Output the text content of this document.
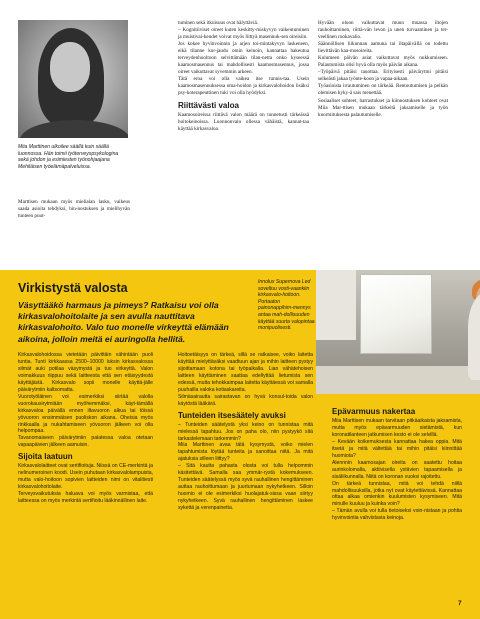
Miia Marttinen ulkoilee säällä kuin säällä luonnossa. Hän toimii työterveyspsykologina sekä johdon ja esimiesten työnohjaajana Mehiläisen työelämäpalveluissa.

Marttisen mukaan myös mielialan lasku, vaikeus saada asioita tehdyksi, hin-nostuksen ja mielihyvän tunteen puut-

tuminen sekä itkuisuus ovat hälyttäviä.

– Kognitiiviset oireet kuten keskitty-miskyvyn vaikeutuminen ja muistivai-keudet voivat myös liittyä masennuk-sen oireisiin.

Jos kokee hyvinvoinnin ja arjen toi-mintakyvyn laskeneen, eikä tilanne kor-jaudu omin keinoin, kannattaa hakeutua terveydenhuoltoon selvittämään tilan-netta onko kyseessä kaamosmasennus tai mahdollisesti kaamosmasennus, jossa oireet vaikuttavat syvemmin arkeen.

Tätä eroa voi olla vaikea itse tunnis-taa. Usein kaamosmasennuksessa oma-hoidon ja kirkasvalohoidon lisäksi psy-koterapeuttinen tuki voi olla hyödyksi.

Riittävästi valoa

Kaamosoireissa riittävä valon määrä on tunnetusti tärkeässä hoitokeinoissa. Luonnonvalo ollessa vähäistä, kannat-taa käyttää kirkasvaloa.

Hyvään oloon vaikuttavat muun muassa iltojen rauhoittaminen, riittä-vän levon ja unen turvaaminen ja ter-veellinen ruokavalio.

Säännöllisen liikunnan aamuna tai iltapäivällä on todettu lievittävän kaa-mosoireita.

Kulumeen päivän asiat vaikuttavat myös nukkumiseen. Palautumista olisi hyvä olla myös päivän aikana.

–Työpäivä pitäisi tauottaa. Erityisesti päivärytmi pitäisi selkeästi jakaa työnte-koon ja vapaa-aikaan.

Työasioista irrautuminen on tärkeää. Rentoutumisen ja pelkän olemisen kyky-ä sais menettää.

Sosiaaliset suhteet, harrastukset ja kiinnostuksen kohteet ovat Miia Mar-ttisen mukaan tärkeitä jaksamiselle ja työn kuormituksesta palautumiselle.

Virkistystä valosta
Väsyttääkö harmaus ja pimeys? Ratkaisu voi olla kirkasvalohoitolaite ja sen avulla nauttitava kirkasvalohoito. Valo tuo monelle virkeyttä elämään aikoina, jolloin meitä ei auringolla hellitä.
Innolux Supernova Led soveltuu vosti-vaankiin kirkasvalo-hoitoon. Portaaton painonappihim-mennys antaa mah-dollisuuden käyttää suurta valopintaa monipuolisesti.

Kirkasvalohoidossa vietetään päivittäin vähintään puoli tuntia. Tunti kirkkaassa 2500–10000 luksin kirkasvalossa silmät auki potilaa väsymystä ja tuo virkeyttä. Valon voimakkuus riippuu sekä laitteesta että sen etäisyydestä käyttäjästä. Kirkasvalo sopii monelle käyttä-jälle päivärytmiin kaltsomatta.

Vuorotyöläinen voi esimerkiksi siirtää valolla vuorokausirytmiään myöhemmäksi, käyt-tämällä kirkasvaloa päivällä ennen iltavuoron alkua tai töissä yövuoron ensimmäisen puoliskon aikana. Oheisia myös rinkkaalla ja nukahtamiseen yövuoron jälkeen voi olla helpompaa.

Tavanomaiseen päivärytmiin palatessa valoa otetaan vapaapäivien jälkeen aamuisin.

Sijoita laatuun

Kirkasvalolaitteet ovat sertifioituja. Niissä on CE-merkintä ja nelinumeroinen koodi. Usein puhutaan kirkasvalolampuista, mutta valo-hoitoon sopivien laitteiden nimi on vitalitiesti kirkasvalohoitolaite.

Terveysvaikutuksia haluava voi myös varmistaa, että laitteessa on myös merkintä sertifioitu lääkinnällinen laite.

Hoitoetäisyys on tärkeä, sillä se ratkaisee, voiko laitetta käyttää mielyttäväksi vaadtuun ajan ja mihin laitteen pystyy sijoittamaan kotona tai työpaikalla. Lian vähätehoisen laitteen käyttäminen saattaa edellyttää lietumista sen edessä, mutta tehokkaimpaa laitetta käyttäessä voi samalla puuhailla valoka kotiaskareita.

Silmäsairautta sairastavan on hyvä konsul-toida valon käytöstä lääkärä.

Tunteiden itsesäätely avuksi

– Tunteiden säätelystä yksi keino on tunnistaa mitä mielessä tapahtuu. Jos on paha olo, niin pystyykö sitä tarkastelemaan tarkemmin?

Miia Marttinen avaa tätä kysymystä, voiko mielen tapahtumista löytää tunteita ja sanoittaa niitä. Ja mitä ajatuksia silleen liittyy?

– Sitä kautta pahasta olosta voi tulla helpommin käsitettävä. Samalla saa ymmär-rystä kokemukseen. Tunteiden säätelyssä myös syvä rauhallinen hengittäminen auttaa rauhoittumaan ja juurtumaan nykyhetkeen. Silloin huomio ei ole esimerkiksi huolajatuk-sissa vaan siirtyy nykyhetkeen. Syvä rauhallinen hengittäminen laskee sykettä ja verenpainetta.

Epävarmuus nakertaa

Miia Marttisen mukaan tarvitaan pitkäaikaista jaksamista, mutta myös epävarmuuden sietämistä, kun koronatilanteen jatkumisen kesto ei ole selvillä.

– Kevään koikemuksesta kannattaa hakea oppia. Mitä itsetä ja mitä vältettää tai mihin pitäisi kiinnittää huomiota?

Alennnin kaamosajan oireita on saatettu hoitaa aurinkolomalla, aktiivisella ystävien tapaamisella ja sisäliikunnalla. Niitä on koronan vuoksi rajoitettu.

On tärkeä tunnistaa, mitä voi tehdä niillä mahdollisuuksilla, jotka nyt ovat käytettävissä. Kannattaa ottaa alkaa omienkin kuulumisten kysymiseen. Mitä minulle kuuluu ja kuinka voin?

– Tämän avulla voi tulla tietoiseksi voin-nistaan ja pohtia hyvinvointia vahvistavia keinoja.

7
